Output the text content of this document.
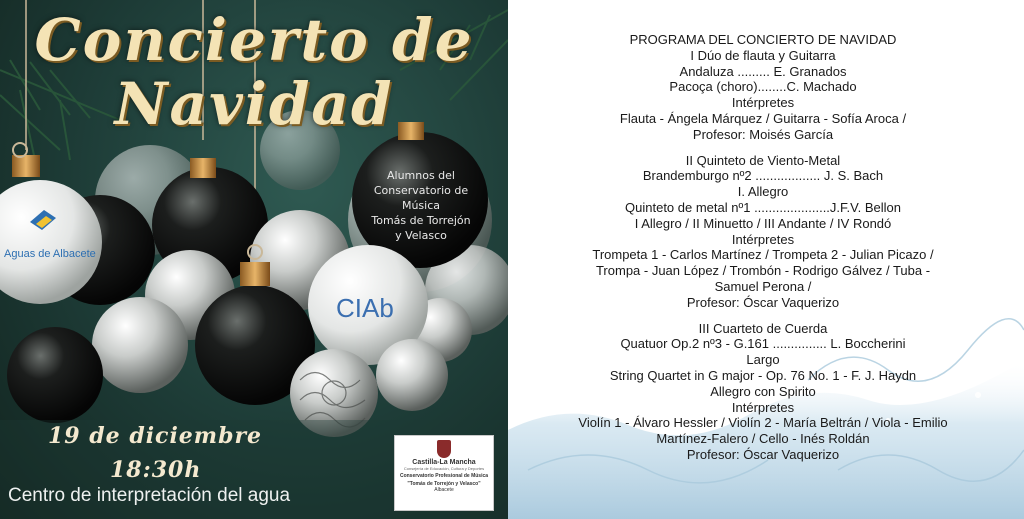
Concierto de
Navidad
Alumnos del
Conservatorio de
Música
Tomás de Torrejón
y Velasco
Aguas de Albacete
CIAb
19 de diciembre
18:30h
Centro de interpretación del agua
Castilla-La Mancha
Consejería de Educación, Cultura y Deportes
Conservatorio Profesional de Música
"Tomás de Torrejón y Velasco"
Albacete
PROGRAMA DEL CONCIERTO DE NAVIDAD
I Dúo de flauta y Guitarra
Andaluza ......... E. Granados
Pacoça (choro)........C. Machado
Intérpretes
Flauta - Ángela Márquez / Guitarra - Sofía Aroca /
Profesor: Moisés García
II Quinteto de Viento-Metal
Brandemburgo nº2 .................. J. S. Bach
I. Allegro
Quinteto de metal nº1 .....................J.F.V. Bellon
I Allegro / II Minuetto / III Andante / IV Rondó
Intérpretes
Trompeta 1 - Carlos Martínez / Trompeta 2 - Julian Picazo /
Trompa - Juan López / Trombón - Rodrigo Gálvez / Tuba -
Samuel Perona /
Profesor: Óscar Vaquerizo
III Cuarteto de Cuerda
Quatuor Op.2 nº3 - G.161 ............... L. Boccherini
Largo
String Quartet in G major - Op. 76 No. 1 - F. J. Haydn
Allegro con Spirito
Intérpretes
Violín 1 - Álvaro Hessler / Violín 2 - María Beltrán / Viola - Emilio
Martínez-Falero / Cello - Inés Roldán
Profesor: Óscar Vaquerizo
